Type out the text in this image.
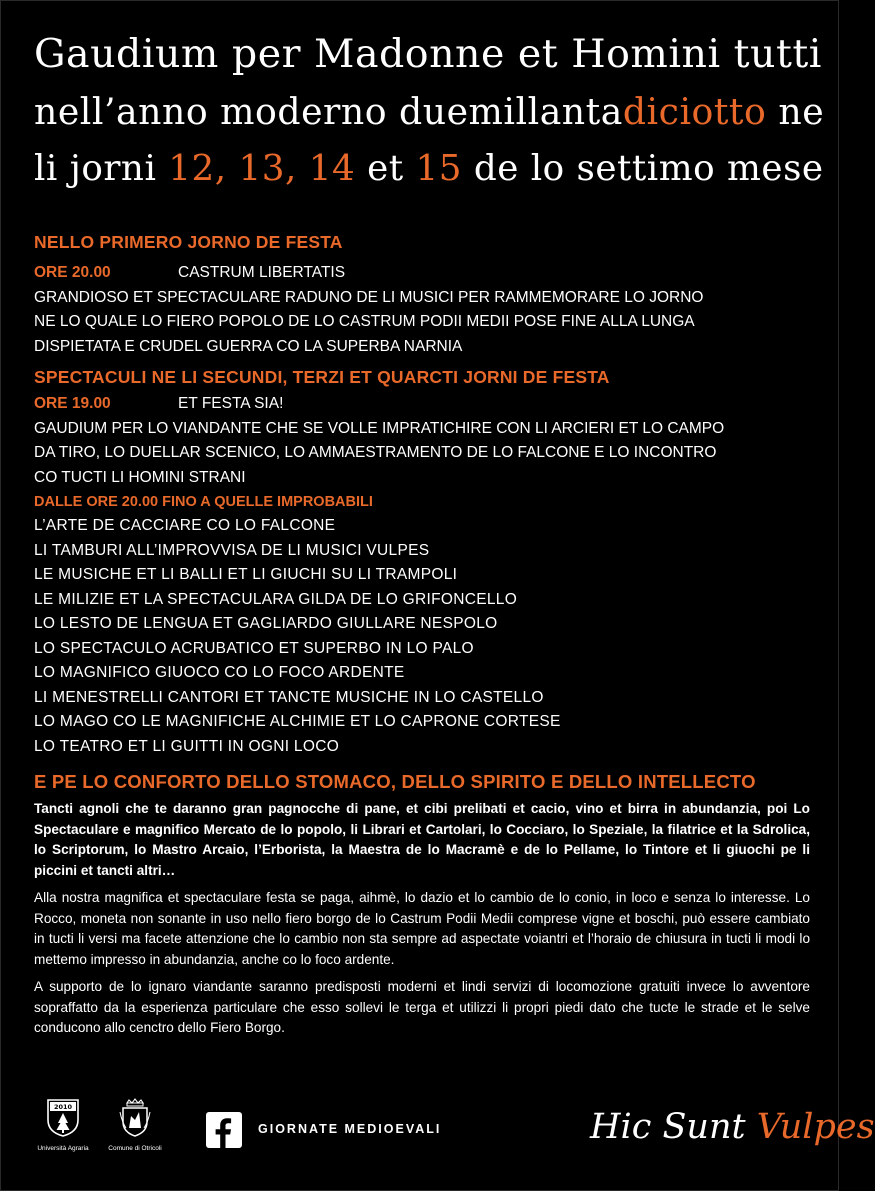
Gaudium per Madonne et Homini tutti
nell’anno moderno duemillantadiciotto ne
li jorni 12, 13, 14 et 15 de lo settimo mese
NELLO PRIMERO JORNO DE FESTA
ORE 20.00	CASTRUM LIBERTATIS
GRANDIOSO ET SPECTACULARE RADUNO DE LI MUSICI PER RAMMEMORARE LO JORNO
NE LO QUALE LO FIERO POPOLO DE LO CASTRUM PODII MEDII POSE FINE ALLA LUNGA
DISPIETATA E CRUDEL GUERRA CO LA SUPERBA NARNIA
SPECTACULI NE LI SECUNDI, TERZI ET QUARCTI JORNI DE FESTA
ORE 19.00	ET FESTA SIA!
GAUDIUM PER LO VIANDANTE CHE SE VOLLE IMPRATICHIRE CON LI ARCIERI ET LO CAMPO
DA TIRO, LO DUELLAR SCENICO, LO AMMAESTRAMENTO DE LO FALCONE E LO INCONTRO
CO TUCTI LI HOMINI STRANI
DALLE ORE 20.00 FINO A QUELLE IMPROBABILI
L’ARTE DE CACCIARE CO LO FALCONE
LI TAMBURI ALL’IMPROVVISA DE LI MUSICI VULPES
LE MUSICHE ET LI BALLI ET LI GIUCHI SU LI TRAMPOLI
LE MILIZIE ET LA SPECTACULARA GILDA DE LO GRIFONCELLO
LO LESTO DE LENGUA ET GAGLIARDO GIULLARE NESPOLO
LO SPECTACULO ACRUBATICO ET SUPERBO IN LO PALO
LO MAGNIFICO GIUOCO CO LO FOCO ARDENTE
LI MENESTRELLI CANTORI ET TANCTE MUSICHE IN LO CASTELLO
LO MAGO CO LE MAGNIFICHE ALCHIMIE ET LO CAPRONE CORTESE
LO TEATRO ET LI GUITTI IN OGNI LOCO
E PE LO CONFORTO DELLO STOMACO, DELLO SPIRITO E DELLO INTELLECTO

Tancti agnoli che te daranno gran pagnocche di pane, et cibi prelibati et cacio, vino et birra in abundanzia, poi Lo Spectaculare e magnifico Mercato de lo popolo, li Librari et Cartolari, lo Cocciaro, lo Speziale, la filatrice et la Sdrolica, lo Scriptorum, lo Mastro Arcaio, l’Erborista, la Maestra de lo Macramè e de lo Pellame, lo Tintore et li giuochi pe li piccini et tancti altri…

Alla nostra magnifica et spectaculare festa se paga, aihmè, lo dazio et lo cambio de lo conio, in loco e senza lo interesse. Lo Rocco, moneta non sonante in uso nello fiero borgo de lo Castrum Podii Medii comprese vigne et boschi, può essere cambiato in tucti li versi ma facete attenzione che lo cambio non sta sempre ad aspectate voiantri et l’horaio de chiusura in tucti li modi lo mettemo impresso in abundanzia, anche co lo foco ardente.

A supporto de lo ignaro viandante saranno predisposti moderni et lindi servizi di locomozione gratuiti invece lo avventore sopraffatto da la esperienza particulare che esso sollevi le terga et utilizzi li propri piedi dato che tucte le strade et le selve conducono allo cenctro dello Fiero Borgo.

2010
Università Agraria	Comune di Otricoli
GIORNATE MEDIOEVALI	Hic Sunt Vulpes
